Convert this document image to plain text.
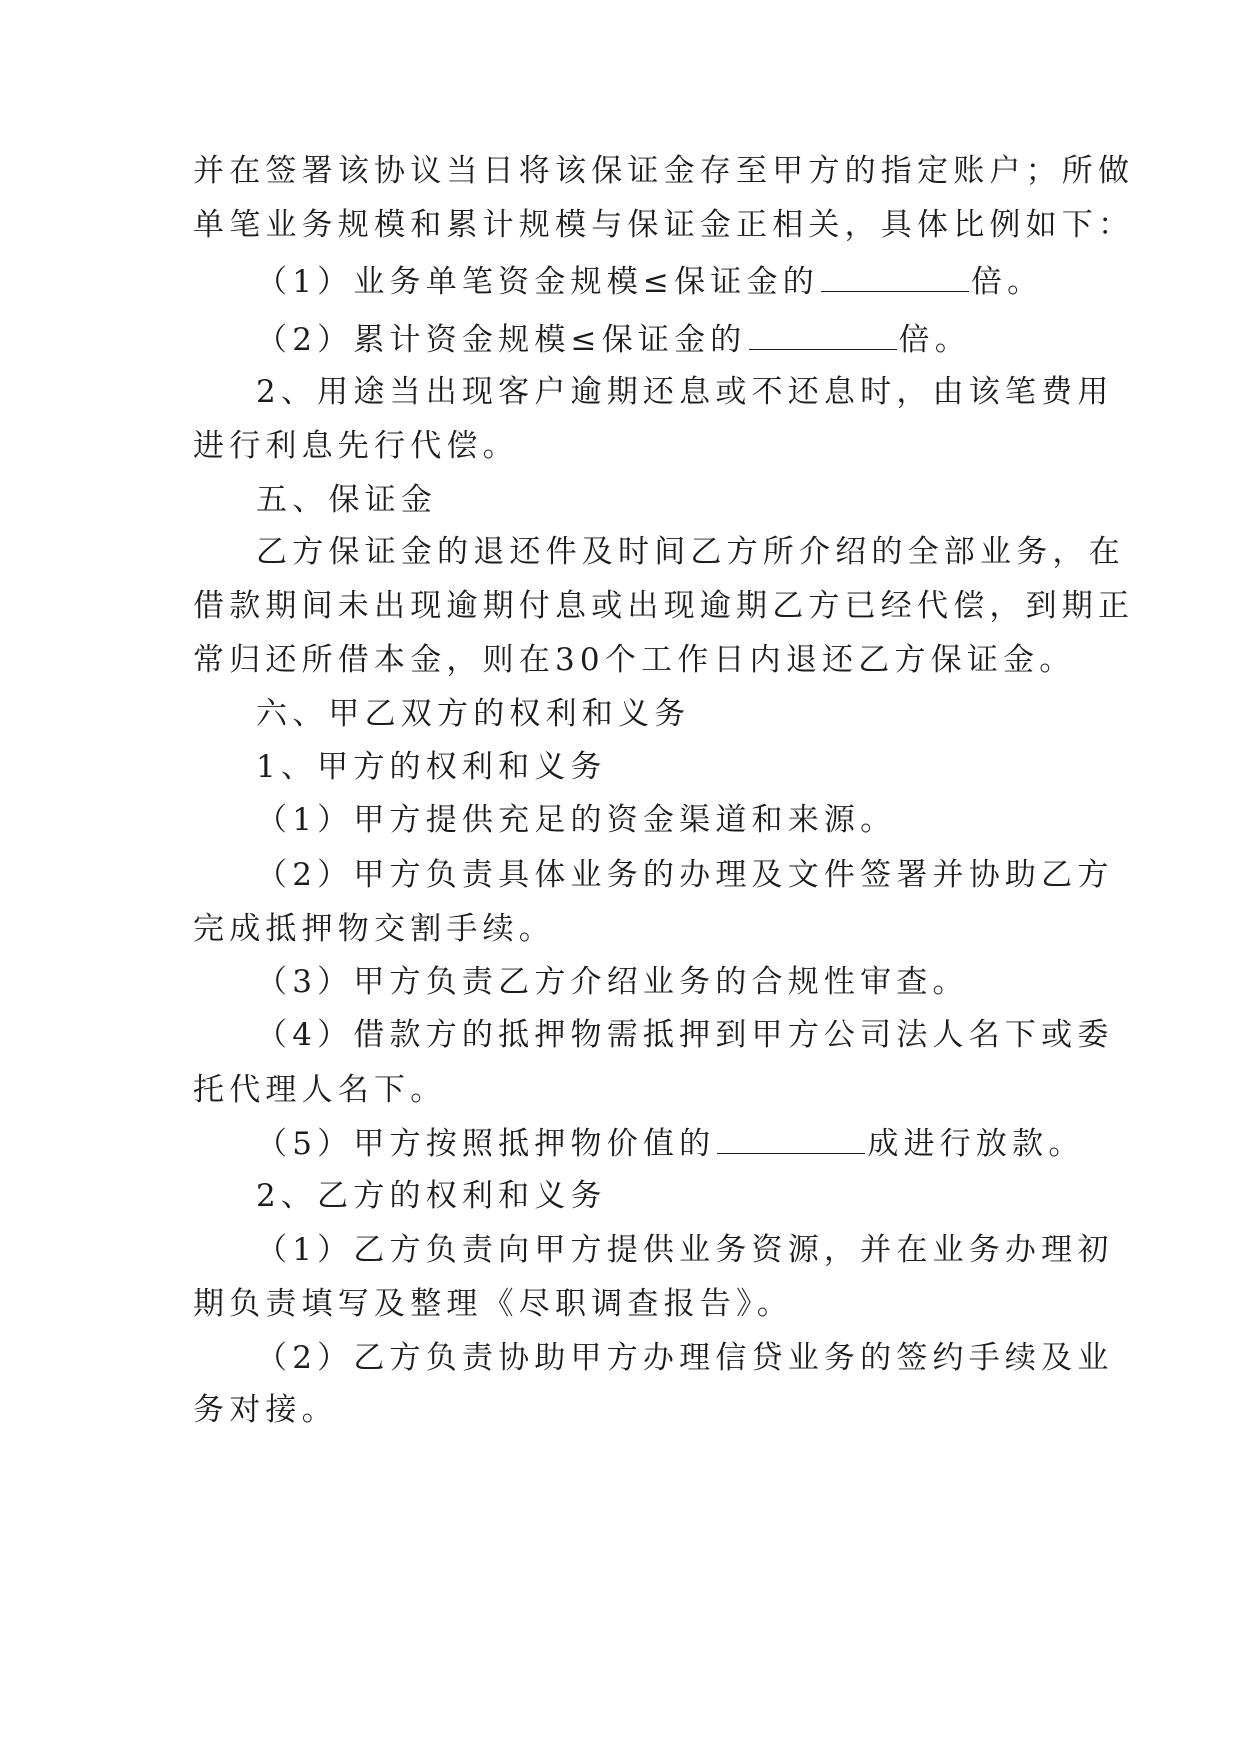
并在签署该协议当日将该保证金存至甲方的指定账户；所做
单笔业务规模和累计规模与保证金正相关，具体比例如下：
（1）业务单笔资金规模≤保证金的	倍。
（2）累计资金规模≤保证金的	倍。
2、用途当出现客户逾期还息或不还息时，由该笔费用
进行利息先行代偿。
五、保证金
乙方保证金的退还件及时间乙方所介绍的全部业务，在
借款期间未出现逾期付息或出现逾期乙方已经代偿，到期正
常归还所借本金，则在30个工作日内退还乙方保证金。
六、甲乙双方的权利和义务
1、甲方的权利和义务
（1）甲方提供充足的资金渠道和来源。
（2）甲方负责具体业务的办理及文件签署并协助乙方
完成抵押物交割手续。
（3）甲方负责乙方介绍业务的合规性审查。
（4）借款方的抵押物需抵押到甲方公司法人名下或委
托代理人名下。
（5）甲方按照抵押物价值的	成进行放款。
2、乙方的权利和义务
（1）乙方负责向甲方提供业务资源，并在业务办理初
期负责填写及整理《尽职调查报告》。
（2）乙方负责协助甲方办理信贷业务的签约手续及业
务对接。
